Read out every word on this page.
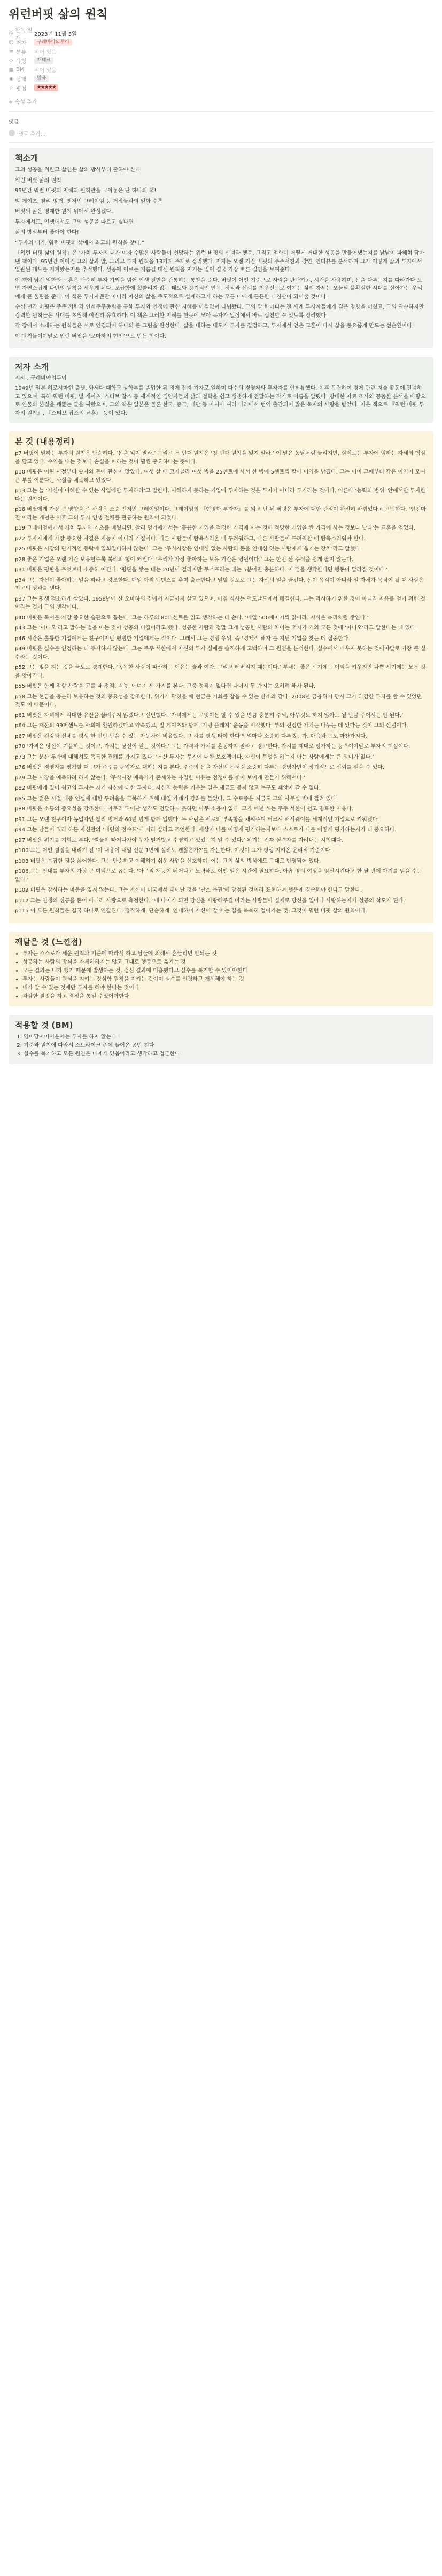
위런버핏 삶의 원칙
◷ 완독 일자
2023년 11월 3일
☺ 저자	구레바야의루이
≡ 분류 비어 있음
◇ 유형	재테크
▦ BM 비어 있음
◉ 상태	읽음
☆ 평점	★★★★★
+ 속성 추가
댓글
댓글 추가...
책소개

그의 성공을 위한고 삶인은 삶의 방식부터 출하야 한다

워런 버핏 삶의 원칙

95년간 워런 버핏의 지혜와 원칙만을 모아놓은 단 하나의 책!

빌 게이츠, 찰리 멍거, 벤저민 그레이엄 등 거장들과의 일화 수록

버핏의 삶은 명쾌한 원칙 위에서 완성됐다.

투자에서도, 인생에서도 그의 성공을 따르고 싶다면

삶의 방식부터 좋아야 한다!

“투자의 대가, 워런 버핏의 삶에서 최고의 원칙을 찾다.”

「워런 버핏 삶의 원칙」은 ‘가치 투자의 대가’이자 수많은 사람들이 선망하는 워런 버핏의 신념과 행동, 그리고 철학이 어떻게 거대한 성공을 만들어냈는지를 낱낱이 파헤쳐 담아낸 책이다. 95년간 이어진 그의 삶과 말, 그리고 투자 원칙을 13가지 주제로 정리했다. 저자는 오랜 기간 버핏의 주주서한과 강연, 인터뷰를 분석하며 그가 어떻게 삶과 투자에서 일관된 태도를 지켜왔는지를 추적했다. 성공에 이르는 지름길 대신 원칙을 지키는 일이 결국 가장 빠른 길임을 보여준다.

이 책에 담긴 일화와 교훈은 단순히 투자 기법을 넘어 인생 전반을 관통하는 통찰을 준다. 버핏이 어떤 기준으로 사람을 판단하고, 시간을 사용하며, 돈을 다루는지를 따라가다 보면 자연스럽게 나만의 원칙을 세우게 된다. 조급함에 휩쓸리지 않는 태도와 장기적인 안목, 정직과 신뢰를 최우선으로 여기는 삶의 자세는 오늘날 불확실한 시대를 살아가는 우리에게 큰 울림을 준다. 이 책은 투자자뿐만 아니라 자신의 삶을 주도적으로 설계하고자 하는 모든 이에게 든든한 나침반이 되어줄 것이다.

수십 년간 버핏은 주주 서한과 연례주주총회를 통해 투자와 인생에 관한 지혜를 아낌없이 나눠왔다. 그의 말 한마디는 전 세계 투자자들에게 깊은 영향을 미쳤고, 그의 단순하지만 강력한 원칙들은 시대를 초월해 여전히 유효하다. 이 책은 그러한 지혜를 한곳에 모아 독자가 일상에서 바로 실천할 수 있도록 정리했다.

각 장에서 소개하는 원칙들은 서로 연결되어 하나의 큰 그림을 완성한다. 삶을 대하는 태도가 투자를 결정하고, 투자에서 얻은 교훈이 다시 삶을 풍요롭게 만드는 선순환이다.

이 원칙들이야말로 워런 버핏을 ‘오마하의 현인’으로 만든 힘이다.

저자 소개

저자 : 구레바야의루이

1949년 일본 히로시마현 출생. 와세다 대학교 상학부를 졸업한 뒤 경제 잡지 기자로 일하며 다수의 경영자와 투자자를 인터뷰했다. 이후 독립하여 경제 관련 저술 활동에 전념하고 있으며, 특히 워런 버핏, 빌 게이츠, 스티브 잡스 등 세계적인 경영자들의 삶과 철학을 쉽고 생생하게 전달하는 작가로 이름을 알렸다. 방대한 자료 조사와 꼼꼼한 분석을 바탕으로 인물의 본질을 꿰뚫는 글을 써왔으며, 그의 책은 일본은 물론 한국, 중국, 대만 등 아시아 여러 나라에서 번역 출간되어 많은 독자의 사랑을 받았다. 지은 책으로 『워런 버핏 투자의 원칙』, 『스티브 잡스의 교훈』 등이 있다.

본 것 (내용정리)

p7 버핏이 말하는 투자의 원칙은 단순하다. ‘돈을 잃지 말라.’ 그리고 두 번째 원칙은 ‘첫 번째 원칙을 잊지 말라.’ 이 말은 농담처럼 들리지만, 실제로는 투자에 임하는 자세의 핵심을 담고 있다. 수익을 내는 것보다 손실을 피하는 것이 훨씬 중요하다는 뜻이다.

p10 버핏은 어린 시절부터 숫자와 돈에 관심이 많았다. 여섯 살 때 코카콜라 여섯 병을 25센트에 사서 한 병에 5센트씩 팔아 이익을 남겼다. 그는 이미 그때부터 작은 이익이 모여 큰 부를 이룬다는 사실을 체득하고 있었다.

p13 그는 늘 ‘자신이 이해할 수 있는 사업에만 투자하라’고 말한다. 이해하지 못하는 기업에 투자하는 것은 투자가 아니라 투기라는 것이다. 이른바 ‘능력의 범위’ 안에서만 투자한다는 원칙이다.

p16 버핏에게 가장 큰 영향을 준 사람은 스승 벤저민 그레이엄이다. 그레이엄의 『현명한 투자자』를 읽고 난 뒤 버핏은 투자에 대한 관점이 완전히 바뀌었다고 고백한다. ‘안전마진’이라는 개념은 이후 그의 투자 인생 전체를 관통하는 원칙이 되었다.

p19 그레이엄에게서 가치 투자의 기초를 배웠다면, 찰리 멍거에게서는 ‘훌륭한 기업을 적정한 가격에 사는 것이 적당한 기업을 싼 가격에 사는 것보다 낫다’는 교훈을 얻었다.

p22 투자자에게 가장 중요한 자질은 지능이 아니라 기질이다. 다른 사람들이 탐욕스러울 때 두려워하고, 다른 사람들이 두려워할 때 탐욕스러워야 한다.

p25 버핏은 시장의 단기적인 등락에 일희일비하지 않는다. 그는 ‘주식시장은 인내심 없는 사람의 돈을 인내심 있는 사람에게 옮기는 장치’라고 말했다.

p28 좋은 기업은 오랜 기간 보유할수록 복리의 힘이 커진다. ‘우리가 가장 좋아하는 보유 기간은 영원이다.’ 그는 한번 산 주식을 쉽게 팔지 않는다.

p31 버핏은 평판을 무엇보다 소중히 여긴다. ‘평판을 쌓는 데는 20년이 걸리지만 무너뜨리는 데는 5분이면 충분하다. 이 점을 생각한다면 행동이 달라질 것이다.’

p34 그는 자신이 좋아하는 일을 하라고 강조한다. 매일 아침 탭댄스를 추며 출근한다고 말할 정도로 그는 자신의 일을 즐긴다. 돈이 목적이 아니라 일 자체가 목적이 될 때 사람은 최고의 성과를 낸다.

p37 그는 평생 검소하게 살았다. 1958년에 산 오마하의 집에서 지금까지 살고 있으며, 아침 식사는 맥도날드에서 해결한다. 부는 과시하기 위한 것이 아니라 자유를 얻기 위한 것이라는 것이 그의 생각이다.

p40 버핏은 독서를 가장 중요한 습관으로 꼽는다. 그는 하루의 80퍼센트를 읽고 생각하는 데 쓴다. ‘매일 500페이지씩 읽어라. 지식은 복리처럼 쌓인다.’

p43 그는 ‘아니오’라고 말하는 법을 아는 것이 성공의 비결이라고 했다. 성공한 사람과 정말 크게 성공한 사람의 차이는 후자가 거의 모든 것에 ‘아니오’라고 말한다는 데 있다.

p46 시간은 훌륭한 기업에게는 친구이지만 평범한 기업에게는 적이다. 그래서 그는 경쟁 우위, 즉 ‘경제적 해자’를 지닌 기업을 찾는 데 집중한다.

p49 버핏은 실수를 인정하는 데 주저하지 않는다. 그는 주주 서한에서 자신의 투자 실패를 솔직하게 고백하며 그 원인을 분석한다. 실수에서 배우지 못하는 것이야말로 가장 큰 실수라는 것이다.

p52 그는 빚을 지는 것을 극도로 경계한다. ‘똑똑한 사람이 파산하는 이유는 술과 여자, 그리고 레버리지 때문이다.’ 부채는 좋은 시기에는 이익을 키우지만 나쁜 시기에는 모든 것을 앗아간다.

p55 버핏은 함께 일할 사람을 고를 때 정직, 지능, 에너지 세 가지를 본다. 그중 정직이 없다면 나머지 두 가지는 오히려 해가 된다.

p58 그는 현금을 충분히 보유하는 것의 중요성을 강조한다. 위기가 닥쳤을 때 현금은 기회를 잡을 수 있는 산소와 같다. 2008년 금융위기 당시 그가 과감한 투자를 할 수 있었던 것도 이 때문이다.

p61 버핏은 자녀에게 막대한 유산을 물려주지 않겠다고 선언했다. ‘자녀에게는 무엇이든 할 수 있을 만큼 충분히 주되, 아무것도 하지 않아도 될 만큼 주어서는 안 된다.’

p64 그는 재산의 99퍼센트를 사회에 환원하겠다고 약속했고, 빌 게이츠와 함께 ‘기빙 플레지’ 운동을 시작했다. 부의 진정한 가치는 나누는 데 있다는 것이 그의 신념이다.

p67 버핏은 건강과 신체를 평생 한 번만 받을 수 있는 자동차에 비유했다. 그 차를 평생 타야 한다면 얼마나 소중히 다루겠는가. 마음과 몸도 마찬가지다.

p70 ‘가격은 당신이 지불하는 것이고, 가치는 당신이 얻는 것이다.’ 그는 가격과 가치를 혼동하지 말라고 경고한다. 가치를 제대로 평가하는 능력이야말로 투자의 핵심이다.

p73 그는 분산 투자에 대해서도 독특한 견해를 가지고 있다. ‘분산 투자는 무지에 대한 보호책이다. 자신이 무엇을 하는지 아는 사람에게는 큰 의미가 없다.’

p76 버핏은 경영자를 평가할 때 그가 주주를 동업자로 대하는지를 본다. 주주의 돈을 자신의 돈처럼 소중히 다루는 경영자만이 장기적으로 신뢰를 얻을 수 있다.

p79 그는 시장을 예측하려 하지 않는다. ‘주식시장 예측가가 존재하는 유일한 이유는 점쟁이를 좋아 보이게 만들기 위해서다.’

p82 버핏에게 있어 최고의 투자는 자기 자신에 대한 투자다. 자신의 능력을 키우는 일은 세금도 붙지 않고 누구도 빼앗아 갈 수 없다.

p85 그는 젊은 시절 대중 연설에 대한 두려움을 극복하기 위해 데일 카네기 강좌를 들었다. 그 수료증은 지금도 그의 사무실 벽에 걸려 있다.

p88 버핏은 소통의 중요성을 강조한다. 아무리 뛰어난 생각도 전달하지 못하면 아무 소용이 없다. 그가 매년 쓰는 주주 서한이 쉽고 명료한 이유다.

p91 그는 오랜 친구이자 동업자인 찰리 멍거와 60년 넘게 함께 일했다. 두 사람은 서로의 부족함을 채워주며 버크셔 해서웨이를 세계적인 기업으로 키워냈다.

p94 그는 남들이 뭐라 하든 자신만의 ‘내면의 점수표’에 따라 살라고 조언한다. 세상이 나를 어떻게 평가하는지보다 스스로가 나를 어떻게 평가하는지가 더 중요하다.

p97 버핏은 위기를 기회로 본다. ‘썰물이 빠져나가야 누가 벌거벗고 수영하고 있었는지 알 수 있다.’ 위기는 진짜 실력자를 가려내는 시험대다.

p100 그는 어떤 결정을 내리기 전 ‘이 내용이 내일 신문 1면에 실려도 괜찮은가?’를 자문한다. 이것이 그가 평생 지켜온 윤리적 기준이다.

p103 버핏은 복잡한 것을 싫어한다. 그는 단순하고 이해하기 쉬운 사업을 선호하며, 이는 그의 삶의 방식에도 그대로 반영되어 있다.

p106 그는 인내를 투자의 가장 큰 미덕으로 꼽는다. ‘아무리 재능이 뛰어나고 노력해도 어떤 일은 시간이 필요하다. 아홉 명의 여성을 임신시킨다고 한 달 만에 아기를 얻을 수는 없다.’

p109 버핏은 감사하는 마음을 잊지 않는다. 그는 자신이 미국에서 태어난 것을 ‘난소 복권’에 당첨된 것이라 표현하며 행운에 겸손해야 한다고 말한다.

p112 그는 인생의 성공을 돈이 아니라 사랑으로 측정한다. ‘내 나이가 되면 당신을 사랑해주길 바라는 사람들이 실제로 당신을 얼마나 사랑하는지가 성공의 척도가 된다.’

p115 이 모든 원칙들은 결국 하나로 연결된다. 정직하게, 단순하게, 인내하며 자신이 잘 아는 길을 묵묵히 걸어가는 것. 그것이 워런 버핏 삶의 원칙이다.

깨달은 것 (느낀점)
• 투자는 스스로가 세운 원칙과 기준에 따라서 하고 남들에 의해서 흔들리면 안되는 것
• 성공하는 사람의 방식을 자세히하지는 않고 그대로 행동으로 옮기는 것
• 모든 결과는 내가 했기 때문에 발생하는 것, 정심 결과에 미흡했다고 실수를 복기할 수 있어야한다
• 투자는 사람들이 원심을 지키는 정심함 원칙을 지키는 것이며 실수를 인정하고 개선해야 하는 것
• 내가 알 수 있는 것에만 투자를 해야 한다는 것이다
• 과감한 결정을 하고 결정을 통일 수있어야한다
적용할 것 (BM)
1. 영미당이어이운에는 투자를 하지 않는다
2. 기준과 원칙에 따라서 스트라이크 존에 들어온 공만 친다
3. 실수를 복기하고 모든 원인은 나에게 있음이라고 생각하고 접근한다
